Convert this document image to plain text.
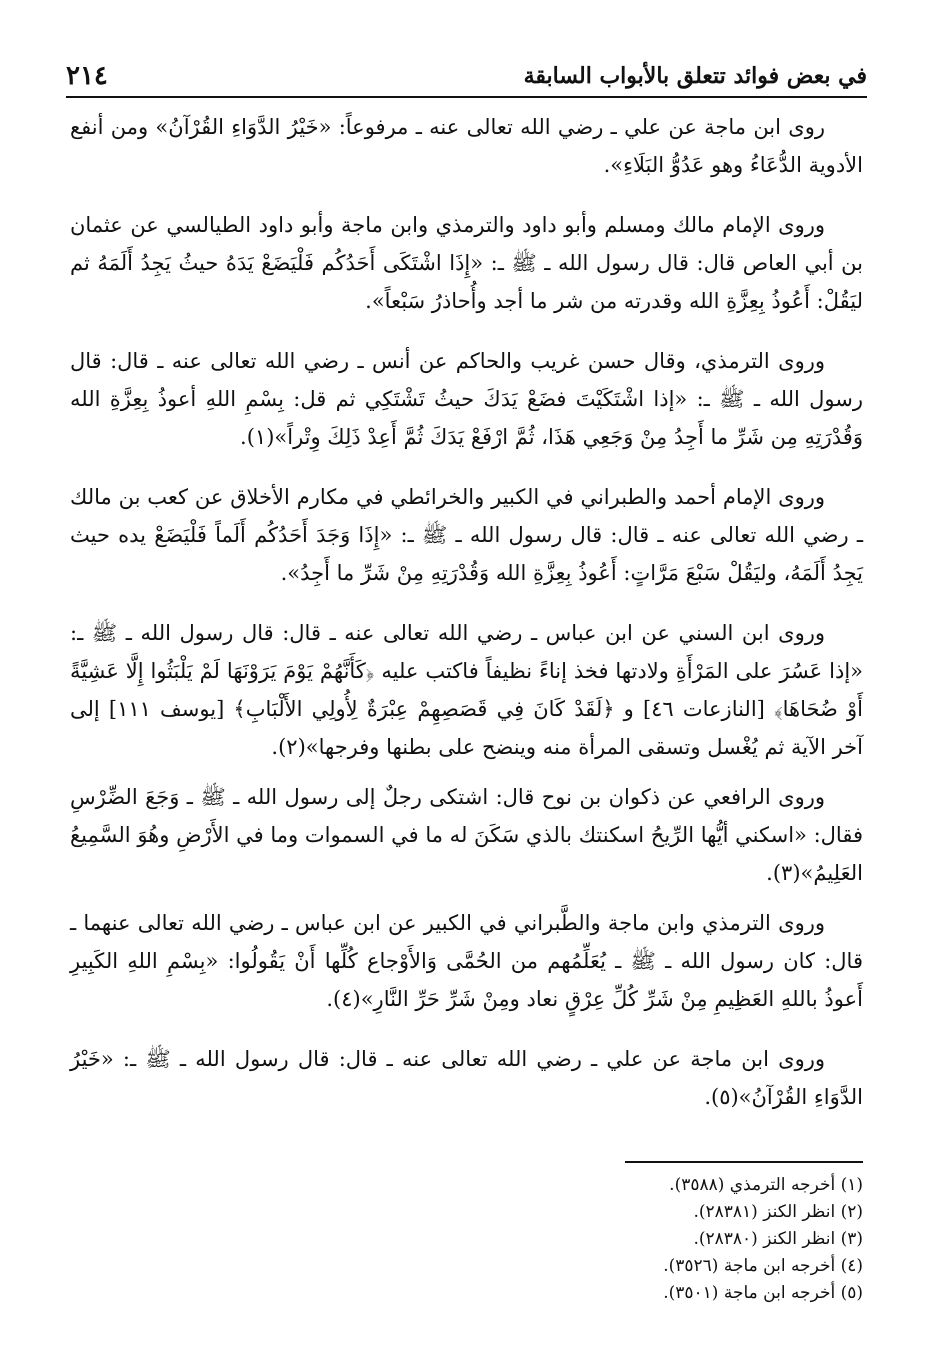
في بعض فوائد تتعلق بالأبواب السابقة
٢١٤

روى ابن ماجة عن علي ـ رضي الله تعالى عنه ـ مرفوعاً: «خَيْرُ الدَّوَاءِ القُرْآنُ» ومن أنفع الأدوية الدُّعَاءُ وهو عَدُوُّ البَلَاءِ».

وروى الإمام مالك ومسلم وأبو داود والترمذي وابن ماجة وأبو داود الطيالسي عن عثمان بن أبي العاص قال: قال رسول الله ـ ﷺ ـ: «إِذَا اشْتَكَى أَحَدُكُم فَلْيَضَعْ يَدَهُ حيثُ يَجِدُ أَلَمَهُ ثم ليَقُلْ: أَعُوذُ بِعِزَّةِ الله وقدرته من شر ما أجد وأُحاذرُ سَبْعاً».

وروى الترمذي، وقال حسن غريب والحاكم عن أنس ـ رضي الله تعالى عنه ـ قال: قال رسول الله ـ ﷺ ـ: «إذا اشْتَكَيْتَ فضَعْ يَدَكَ حيثُ تَشْتَكِي ثم قل: بِسْمِ اللهِ أعوذُ بِعِزَّةِ الله وَقُدْرَتِهِ مِن شَرِّ ما أَجِدُ مِنْ وَجَعِي هَذَا، ثُمَّ ارْفَعْ يَدَكَ ثُمَّ أَعِدْ ذَلِكَ وِتْراً»(١).

وروى الإمام أحمد والطبراني في الكبير والخرائطي في مكارم الأخلاق عن كعب بن مالك ـ رضي الله تعالى عنه ـ قال: قال رسول الله ـ ﷺ ـ: «إِذَا وَجَدَ أَحَدُكُم أَلَماً فَلْيَضَعْ يده حيث يَجِدُ أَلَمَهُ، وليَقُلْ سَبْعَ مَرَّاتٍ: أَعُوذُ بِعِزَّةِ الله وَقُدْرَتِهِ مِنْ شَرِّ ما أَجِدُ».

وروى ابن السني عن ابن عباس ـ رضي الله تعالى عنه ـ قال: قال رسول الله ـ ﷺ ـ: «إذا عَسُرَ على المَرْأَةِ ولادتها فخذ إناءً نظيفاً فاكتب عليه ﴿كَأَنَّهُمْ يَوْمَ يَرَوْنَهَا لَمْ يَلْبَثُوا إِلَّا عَشِيَّةً أَوْ ضُحَاهَا﴾ [النازعات ٤٦] و ﴿لَقَدْ كَانَ فِي قَصَصِهِمْ عِبْرَةٌ لِأُولِي الأَلْبَابِ﴾ [يوسف ١١١] إلى آخر الآية ثم يُغْسل وتسقى المرأة منه وينضح على بطنها وفرجها»(٢).

وروى الرافعي عن ذكوان بن نوح قال: اشتكى رجلٌ إلى رسول الله ـ ﷺ ـ وَجَعَ الضِّرْسِ فقال: «اسكني أيُّها الرِّيحُ اسكنتك بالذي سَكَنَ له ما في السموات وما في الأَرْضِ وهُوَ السَّمِيعُ العَلِيمُ»(٣).

وروى الترمذي وابن ماجة والطَّبراني في الكبير عن ابن عباس ـ رضي الله تعالى عنهما ـ قال: كان رسول الله ـ ﷺ ـ يُعَلِّمُهم من الحُمَّى وَالأَوْجاع كُلِّها أَنْ يَقُولُوا: «بِسْمِ اللهِ الكَبِيرِ أَعوذُ باللهِ العَظِيمِ مِنْ شَرِّ كُلِّ عِرْقٍ نعاد ومِنْ شَرِّ حَرِّ النَّارِ»(٤).

وروى ابن ماجة عن علي ـ رضي الله تعالى عنه ـ قال: قال رسول الله ـ ﷺ ـ: «خَيْرُ الدَّوَاءِ القُرْآنُ»(٥).

(١) أخرجه الترمذي (٣٥٨٨).
(٢) انظر الكنز (٢٨٣٨١).
(٣) انظر الكنز (٢٨٣٨٠).
(٤) أخرجه ابن ماجة (٣٥٢٦).
(٥) أخرجه ابن ماجة (٣٥٠١).
